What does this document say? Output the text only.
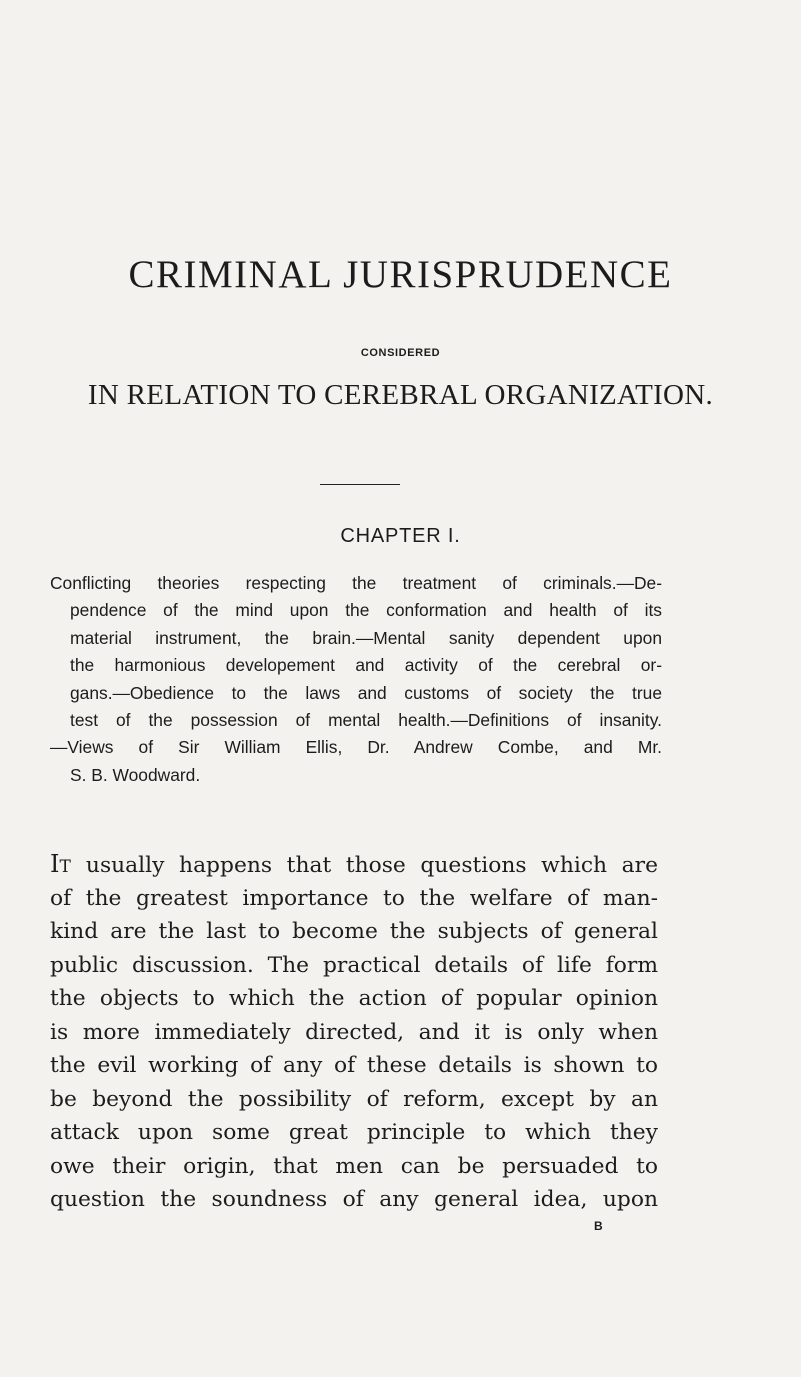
CRIMINAL JURISPRUDENCE
CONSIDERED
IN RELATION TO CEREBRAL ORGANIZATION.
CHAPTER I.
Conflicting theories respecting the treatment of criminals.—De-
pendence of the mind upon the conformation and health of its
material instrument, the brain.—Mental sanity dependent upon
the harmonious developement and activity of the cerebral or-
gans.—Obedience to the laws and customs of society the true
test of the possession of mental health.—Definitions of insanity.
—Views of Sir William Ellis, Dr. Andrew Combe, and Mr.
S. B. Woodward.
IT usually happens that those questions which are
of the greatest importance to the welfare of man-
kind are the last to become the subjects of general
public discussion. The practical details of life form
the objects to which the action of popular opinion
is more immediately directed, and it is only when
the evil working of any of these details is shown to
be beyond the possibility of reform, except by an
attack upon some great principle to which they
owe their origin, that men can be persuaded to
question the soundness of any general idea, upon
B
